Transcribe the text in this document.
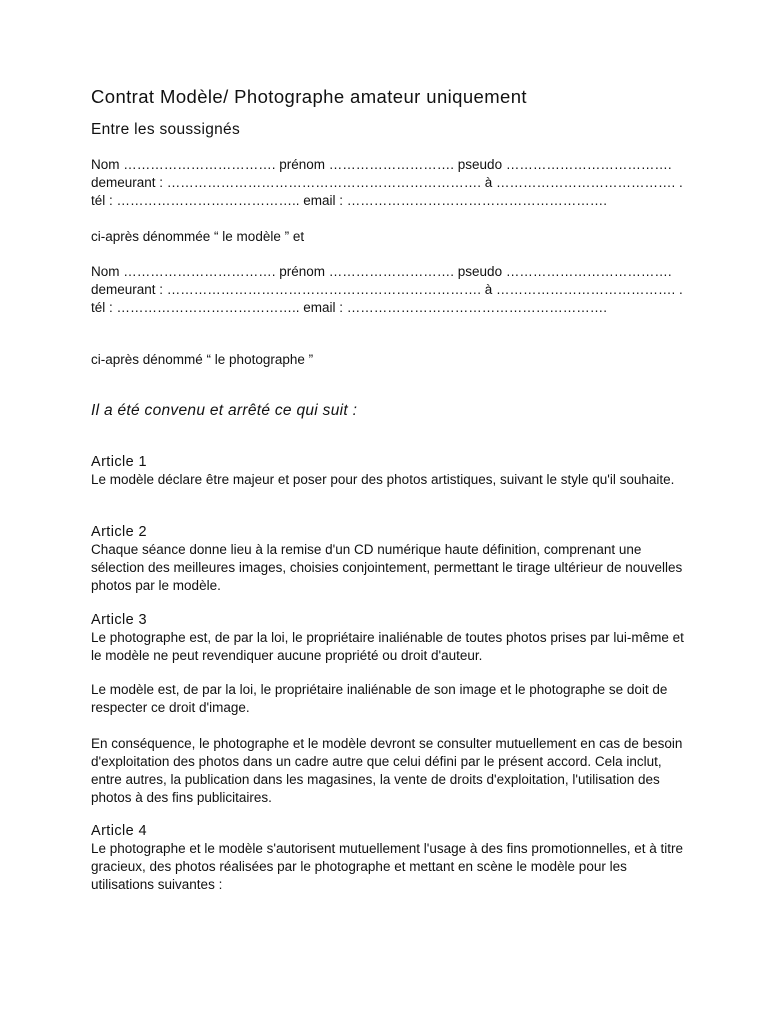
Contrat Modèle/ Photographe amateur uniquement
Entre les soussignés
Nom ……………………………. prénom ………………………. pseudo ……………………………….
demeurant : ……………………………………………………………. à …………………………………. .
tél : ………………………………….. email : ………………………………………………….

ci-après dénommée “ le modèle ” et

Nom ……………………………. prénom ………………………. pseudo ……………………………….
demeurant : ……………………………………………………………. à …………………………………. .
tél : ………………………………….. email : ………………………………………………….

ci-après dénommé “ le photographe ”

Il a été convenu et arrêté ce qui suit :
Article 1
Le modèle déclare être majeur et poser pour des photos artistiques, suivant le style qu'il souhaite.
Article 2
Chaque séance donne lieu à la remise d'un CD numérique haute définition, comprenant une sélection des meilleures images, choisies conjointement, permettant le tirage ultérieur de nouvelles photos par le modèle.
Article 3
Le photographe est, de par la loi, le propriétaire inaliénable de toutes photos prises par lui-même et le modèle ne peut revendiquer aucune propriété ou droit d'auteur.

Le modèle est, de par la loi, le propriétaire inaliénable de son image et le photographe se doit de respecter ce droit d'image.

En conséquence, le photographe et le modèle devront se consulter mutuellement en cas de besoin d'exploitation des photos dans un cadre autre que celui défini par le présent accord. Cela inclut, entre autres, la publication dans les magasines, la vente de droits d'exploitation, l'utilisation des photos à des fins publicitaires.

Article 4
Le photographe et le modèle s'autorisent mutuellement l'usage à des fins promotionnelles, et à titre gracieux, des photos réalisées par le photographe et mettant en scène le modèle pour les utilisations suivantes :
